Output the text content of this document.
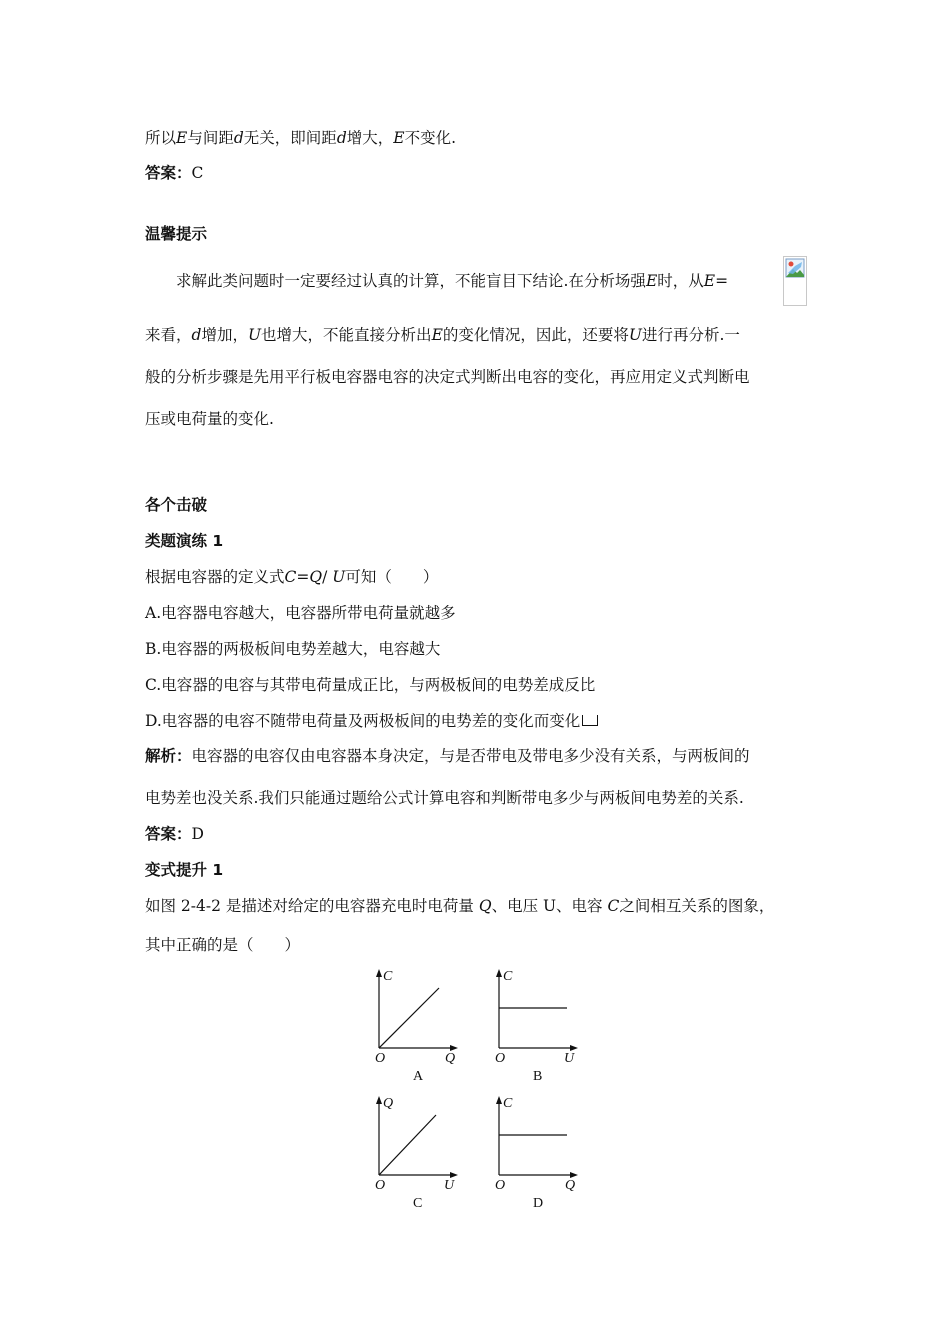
所以E与间距d无关，即间距d增大，E不变化.
答案：C
温馨提示
求解此类问题时一定要经过认真的计算，不能盲目下结论.在分析场强E时，从E=
来看，d增加，U也增大，不能直接分析出E的变化情况，因此，还要将U进行再分析.一
般的分析步骤是先用平行板电容器电容的决定式判断出电容的变化，再应用定义式判断电
压或电荷量的变化.
各个击破
类题演练 1
根据电容器的定义式C=Q/ U可知（　　）
A.电容器电容越大，电容器所带电荷量就越多
B.电容器的两极板间电势差越大，电容越大
C.电容器的电容与其带电荷量成正比，与两极板间的电势差成反比
D.电容器的电容不随带电荷量及两极板间的电势差的变化而变化
解析：电容器的电容仅由电容器本身决定，与是否带电及带电多少没有关系，与两板间的
电势差也没关系.我们只能通过题给公式计算电容和判断带电多少与两板间电势差的关系.
答案：D
变式提升 1
如图 2-4-2 是描述对给定的电容器充电时电荷量 Q、电压 U、电容 C之间相互关系的图象，
其中正确的是（　　）
C
O	Q
A
C
O	U
B
Q
O	U
C
C
O	Q
D
